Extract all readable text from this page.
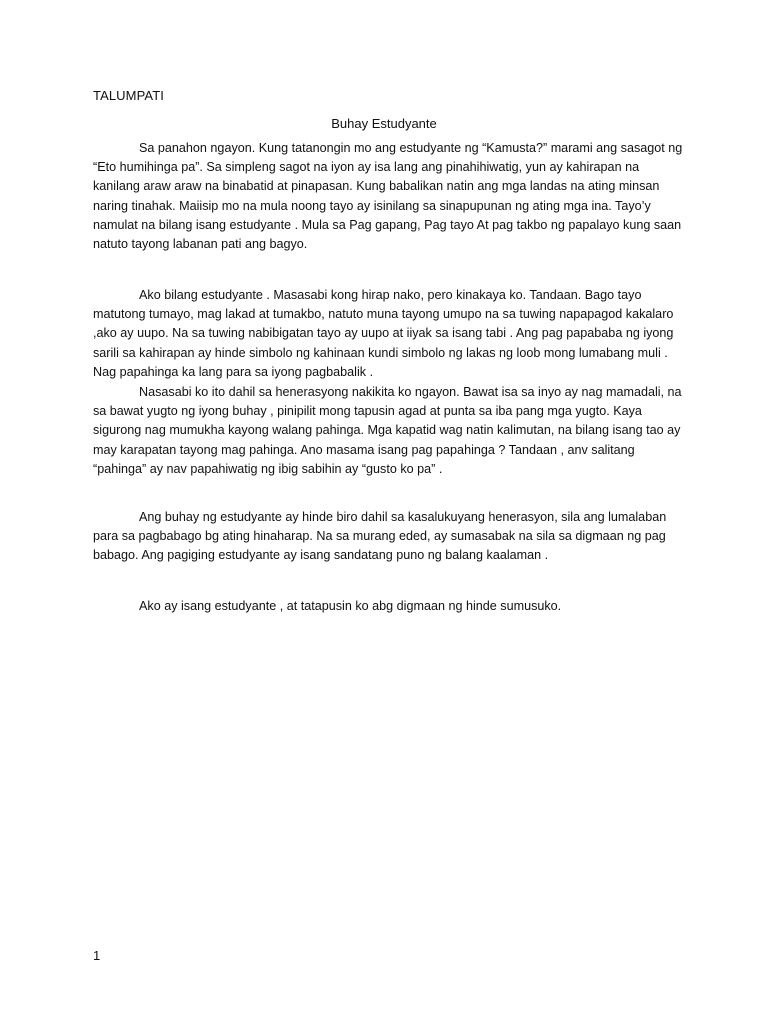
TALUMPATI
Buhay Estudyante

Sa panahon ngayon. Kung tatanongin mo ang estudyante ng “Kamusta?” marami ang sasagot ng “Eto humihinga pa”. Sa simpleng sagot na iyon ay isa lang ang pinahihiwatig, yun ay kahirapan na kanilang araw araw na binabatid at pinapasan. Kung babalikan natin ang mga landas na ating minsan naring tinahak. Maiisip mo na mula noong tayo ay isinilang sa sinapupunan ng ating mga ina. Tayo’y namulat na bilang isang estudyante . Mula sa Pag gapang, Pag tayo At pag takbo ng papalayo kung saan natuto tayong labanan pati ang bagyo.

Ako bilang estudyante . Masasabi kong hirap nako, pero kinakaya ko. Tandaan. Bago tayo matutong tumayo, mag lakad at tumakbo, natuto muna tayong umupo na sa tuwing napapagod kakalaro ,ako ay uupo. Na sa tuwing nabibigatan tayo ay uupo at iiyak sa isang tabi . Ang pag papababa ng iyong sarili sa kahirapan ay hinde simbolo ng kahinaan kundi simbolo ng lakas ng loob mong lumabang muli . Nag papahinga ka lang para sa iyong pagbabalik .

Nasasabi ko ito dahil sa henerasyong nakikita ko ngayon. Bawat isa sa inyo ay nag mamadali, na sa bawat yugto ng iyong buhay , pinipilit mong tapusin agad at punta sa iba pang mga yugto. Kaya sigurong nag mumukha kayong walang pahinga. Mga kapatid wag natin kalimutan, na bilang isang tao ay may karapatan tayong mag pahinga. Ano masama isang pag papahinga ? Tandaan , anv salitang “pahinga” ay nav papahiwatig ng ibig sabihin ay “gusto ko pa” .

Ang buhay ng estudyante ay hinde biro dahil sa kasalukuyang henerasyon, sila ang lumalaban para sa pagbabago bg ating hinaharap. Na sa murang eded, ay sumasabak na sila sa digmaan ng pag babago. Ang pagiging estudyante ay isang sandatang puno ng balang kaalaman .

Ako ay isang estudyante , at tatapusin ko abg digmaan ng hinde sumusuko.

1
